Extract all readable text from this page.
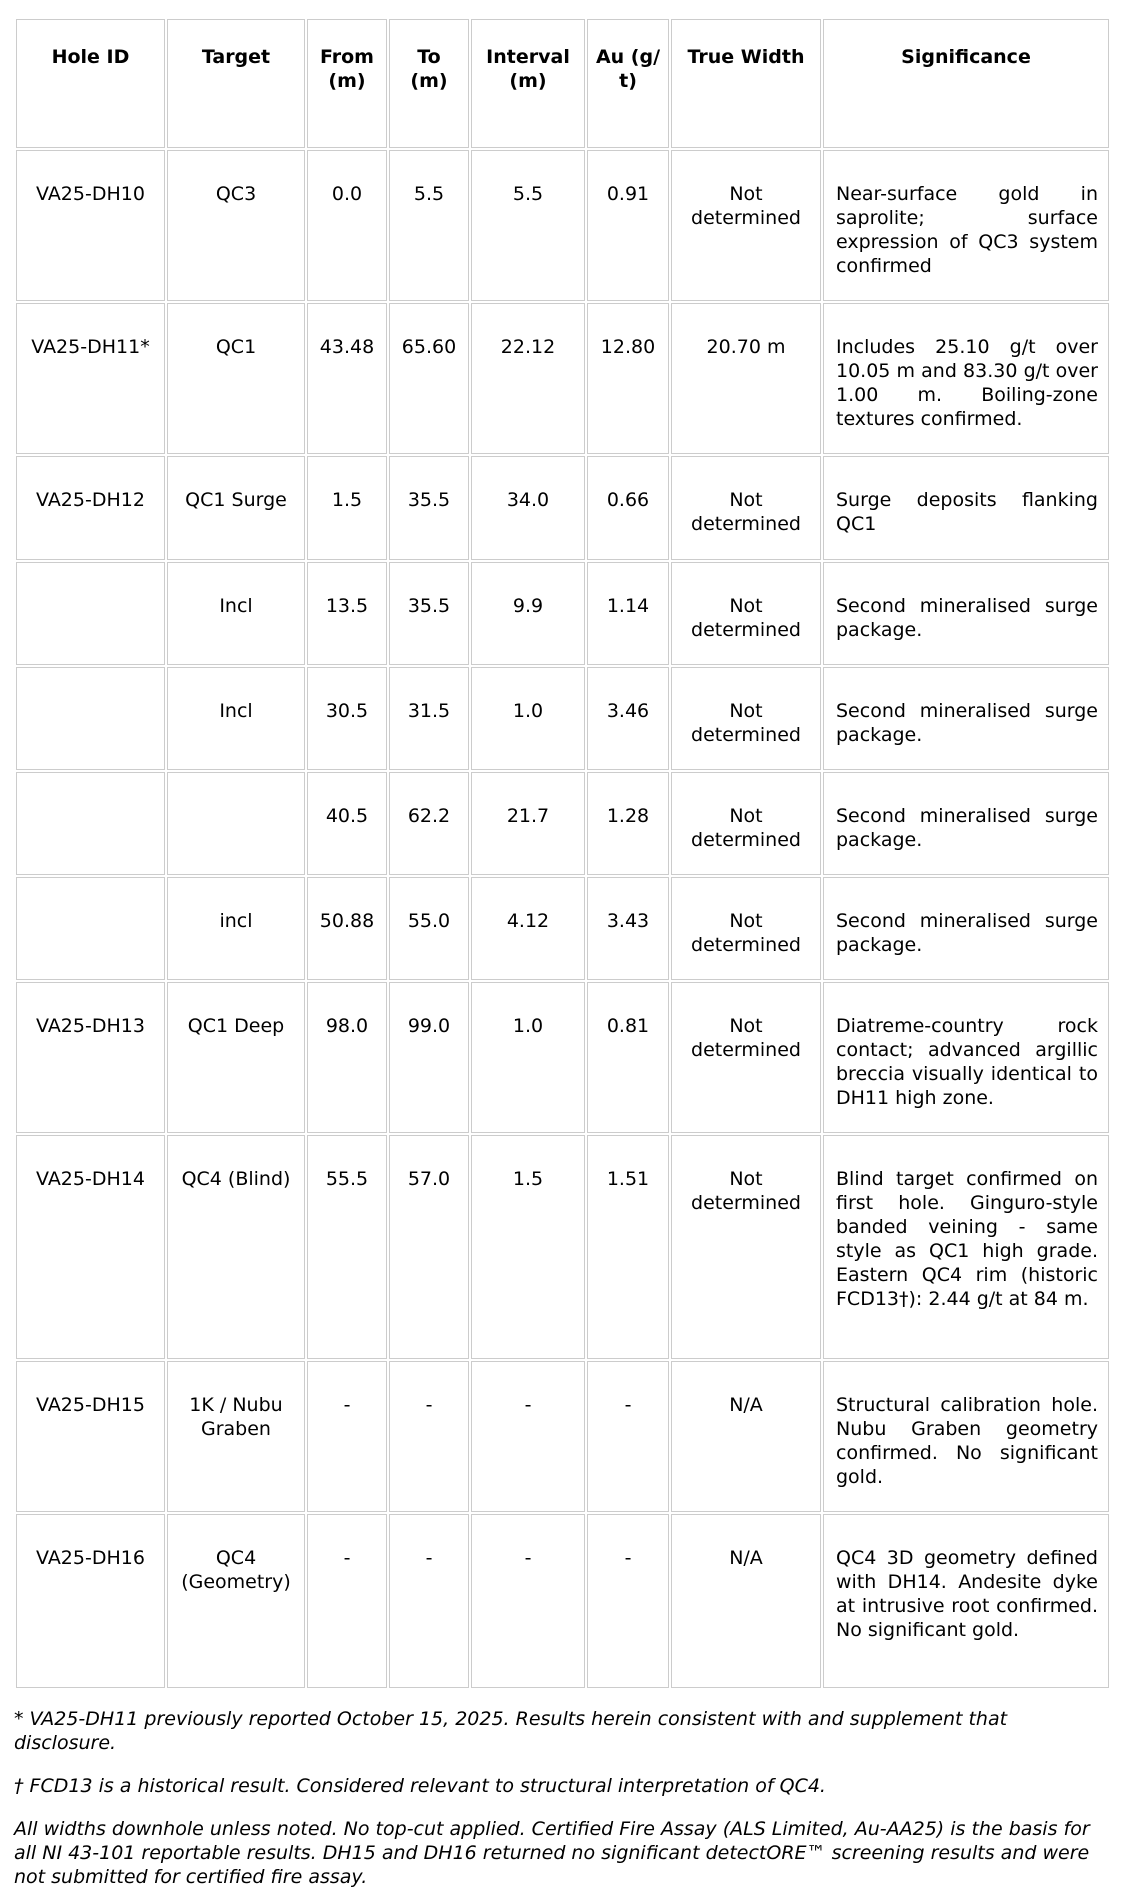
Hole ID	Target	From (m)	To (m)	Interval (m)	Au (g/ t)	True Width	Significance
VA25-DH10	QC3	0.0	5.5	5.5	0.91	Not determined	Near-surface gold in saprolite; surface expression of QC3 system confirmed
VA25-DH11*	QC1	43.48	65.60	22.12	12.80	20.70 m	Includes 25.10 g/t over 10.05 m and 83.30 g/t over 1.00 m. Boiling-zone textures confirmed.
VA25-DH12	QC1 Surge	1.5	35.5	34.0	0.66	Not determined	Surge deposits flanking QC1
	Incl	13.5	35.5	9.9	1.14	Not determined	Second mineralised surge package.
	Incl	30.5	31.5	1.0	3.46	Not determined	Second mineralised surge package.
		40.5	62.2	21.7	1.28	Not determined	Second mineralised surge package.
	incl	50.88	55.0	4.12	3.43	Not determined	Second mineralised surge package.
VA25-DH13	QC1 Deep	98.0	99.0	1.0	0.81	Not determined	Diatreme-country rock contact; advanced argillic breccia visually identical to DH11 high zone.
VA25-DH14	QC4 (Blind)	55.5	57.0	1.5	1.51	Not determined	Blind target confirmed on first hole. Ginguro-style banded veining - same style as QC1 high grade. Eastern QC4 rim (historic FCD13†): 2.44 g/t at 84 m.
VA25-DH15	1K / Nubu Graben	-	-	-	-	N/A	Structural calibration hole. Nubu Graben geometry confirmed. No significant gold.
VA25-DH16	QC4 (Geometry)	-	-	-	-	N/A	QC4 3D geometry defined with DH14. Andesite dyke at intrusive root confirmed. No significant gold.

* VA25-DH11 previously reported October 15, 2025. Results herein consistent with and supplement that disclosure.

† FCD13 is a historical result. Considered relevant to structural interpretation of QC4.

All widths downhole unless noted. No top-cut applied. Certified Fire Assay (ALS Limited, Au-AA25) is the basis for all NI 43-101 reportable results. DH15 and DH16 returned no significant detectORE™ screening results and were not submitted for certified fire assay.
